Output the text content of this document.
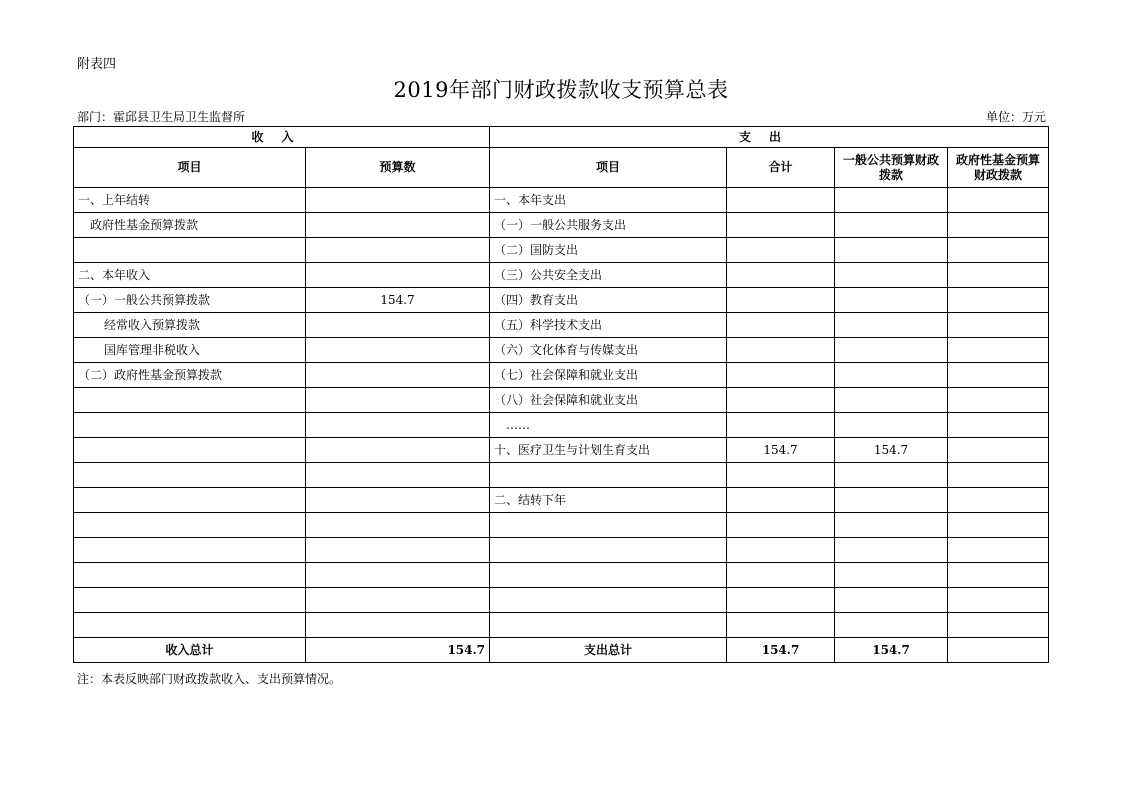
附表四
2019年部门财政拨款收支预算总表
部门：霍邱县卫生局卫生监督所	单位：万元
收入		支出			
项目	预算数	项目	合计	一般公共预算财政拨款	政府性基金预算财政拨款
一、上年结转		一、本年支出			
政府性基金预算拨款		（一）一般公共服务支出			
		（二）国防支出			
二、本年收入		（三）公共安全支出			
（一）一般公共预算拨款	154.7	（四）教育支出			
经常收入预算拨款		（五）科学技术支出			
国库管理非税收入		（六）文化体育与传媒支出			
（二）政府性基金预算拨款		（七）社会保障和就业支出			
		（八）社会保障和就业支出			
		……			
		十、医疗卫生与计划生育支出	154.7	154.7	

		二、结转下年			

收入总计	154.7	支出总计	154.7	154.7	
注：本表反映部门财政拨款收入、支出预算情况。
